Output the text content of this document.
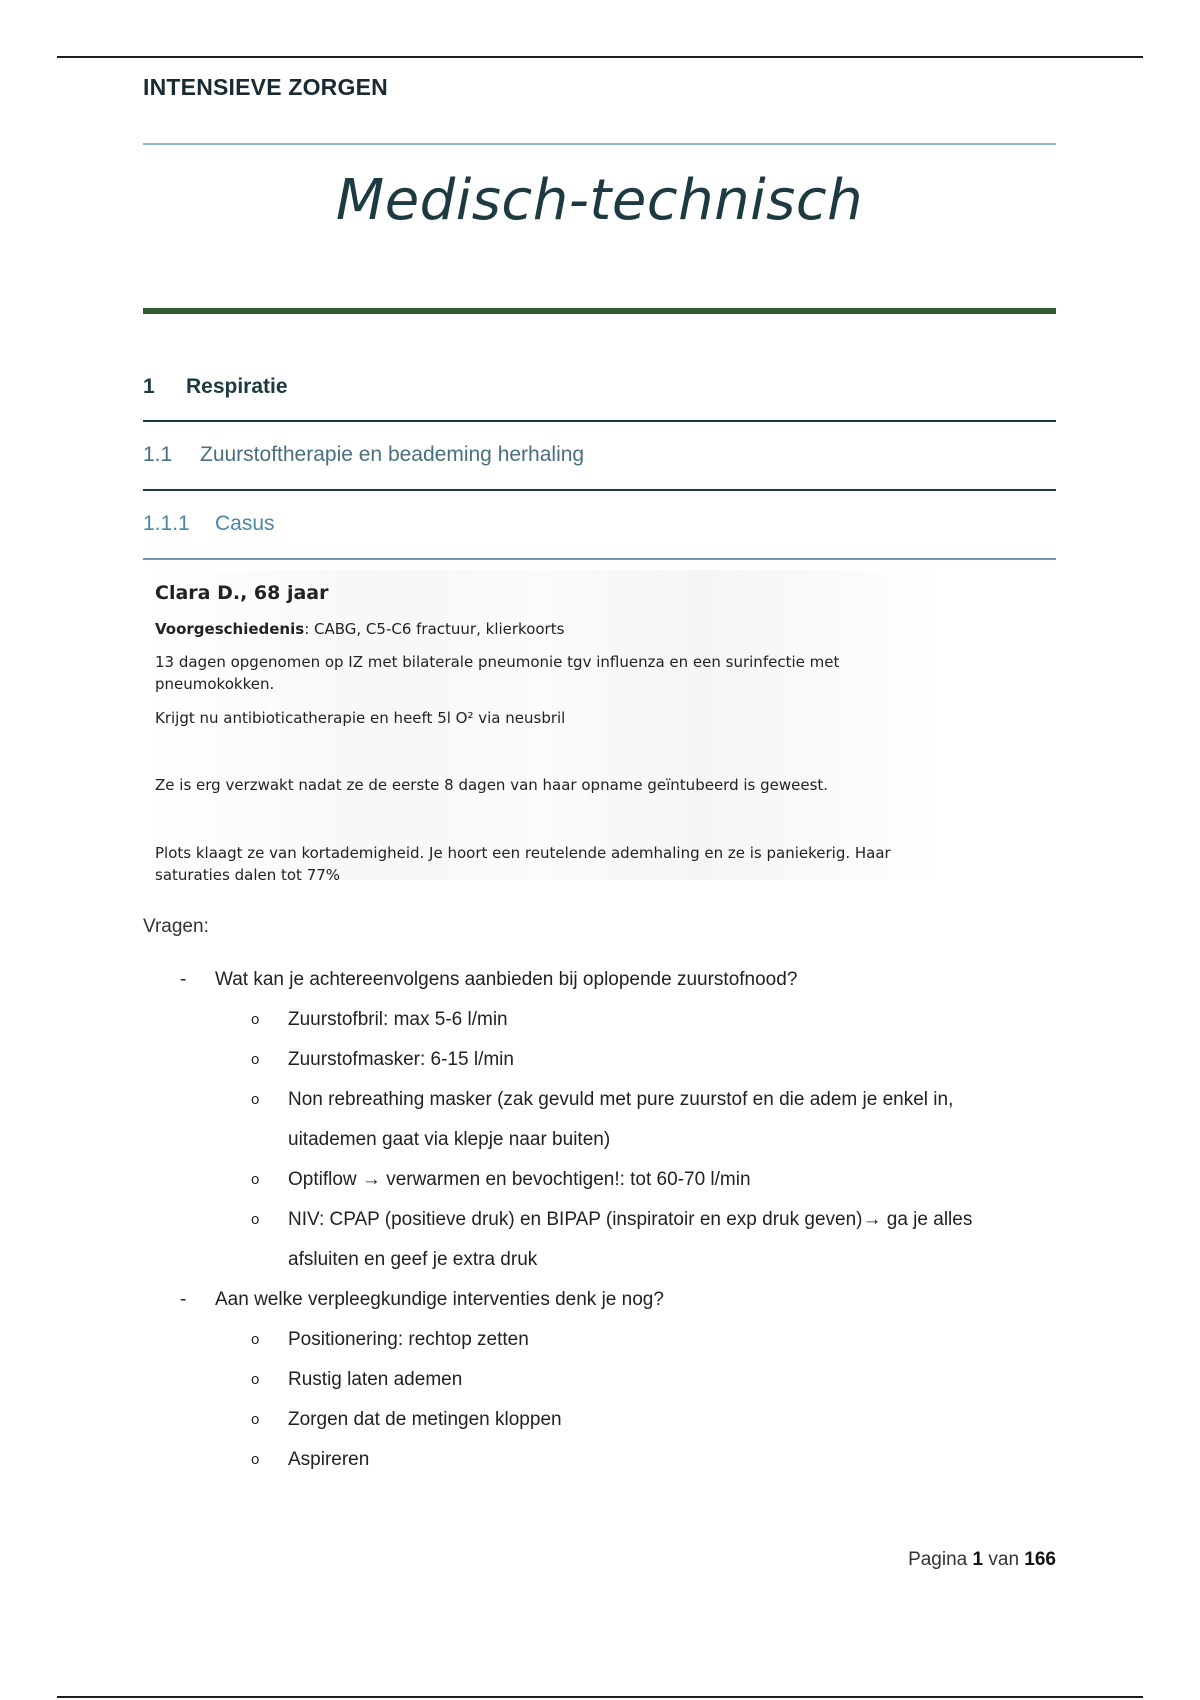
INTENSIEVE ZORGEN
Medisch-technisch
1 Respiratie
1.1 Zuurstoftherapie en beademing herhaling
1.1.1 Casus
Clara D., 68 jaar
Voorgeschiedenis: CABG, C5-C6 fractuur, klierkoorts
13 dagen opgenomen op IZ met bilaterale pneumonie tgv influenza en een surinfectie met pneumokokken.
Krijgt nu antibioticatherapie en heeft 5l O² via neusbril
Ze is erg verzwakt nadat ze de eerste 8 dagen van haar opname geïntubeerd is geweest.
Plots klaagt ze van kortademigheid. Je hoort een reutelende ademhaling en ze is paniekerig. Haar saturaties dalen tot 77%
Vragen:
- Wat kan je achtereenvolgens aanbieden bij oplopende zuurstofnood?
o Zuurstofbril: max 5-6 l/min
o Zuurstofmasker: 6-15 l/min
o Non rebreathing masker (zak gevuld met pure zuurstof en die adem je enkel in, uitademen gaat via klepje naar buiten)
o Optiflow → verwarmen en bevochtigen!: tot 60-70 l/min
o NIV: CPAP (positieve druk) en BIPAP (inspiratoir en exp druk geven)→ ga je alles afsluiten en geef je extra druk
- Aan welke verpleegkundige interventies denk je nog?
o Positionering: rechtop zetten
o Rustig laten ademen
o Zorgen dat de metingen kloppen
o Aspireren
Pagina 1 van 166
